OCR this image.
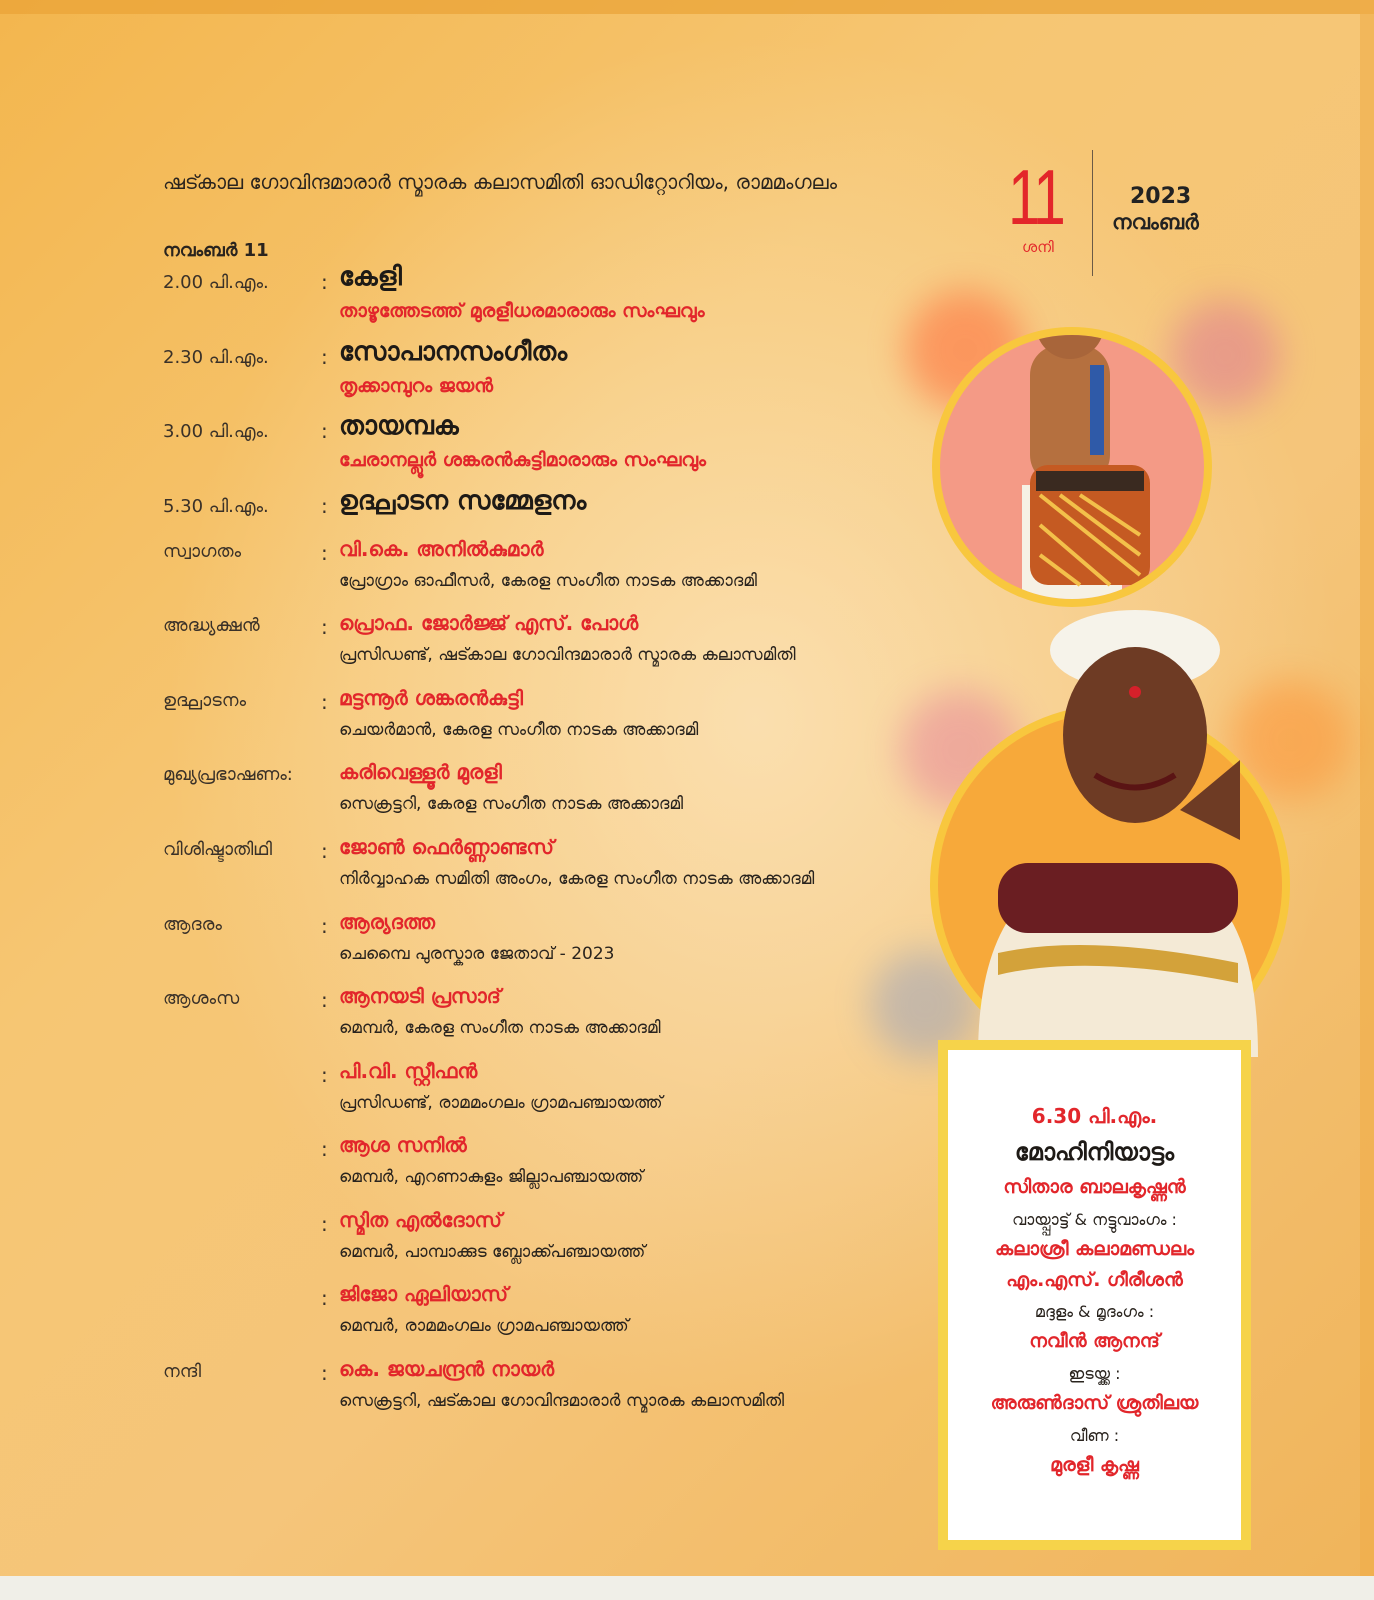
ഷട്കാല ഗോവിന്ദമാരാർ സ്മാരക കലാസമിതി ഓഡിറ്റോറിയം, രാമമംഗലം 11
ശനി
2023
നവംബർ
നവംബർ 11
2.00 പി.എം.	: കേളി
താഴൂത്തേടത്ത് മുരളീധരമാരാരും സംഘവും
2.30 പി.എം.	: സോപാനസംഗീതം
തൃക്കാമ്പുറം ജയൻ
3.00 പി.എം.	: തായമ്പക
ചേരാനല്ലൂർ ശങ്കരൻകുട്ടിമാരാരും സംഘവും
5.30 പി.എം.	: ഉദ്ഘാടന സമ്മേളനം
സ്വാഗതം	: വി.കെ. അനിൽകുമാർ
പ്രോഗ്രാം ഓഫീസർ, കേരള സംഗീത നാടക അക്കാദമി
അദ്ധ്യക്ഷൻ	: പ്രൊഫ. ജോർജ്ജ് എസ്. പോൾ
പ്രസിഡണ്ട്, ഷട്കാല ഗോവിന്ദമാരാർ സ്മാരക കലാസമിതി
ഉദ്ഘാടനം	: മട്ടന്നൂർ ശങ്കരൻകുട്ടി
ചെയർമാൻ, കേരള സംഗീത നാടക അക്കാദമി
മുഖ്യപ്രഭാഷണം:	കരിവെള്ളൂർ മുരളി
സെക്രട്ടറി, കേരള സംഗീത നാടക അക്കാദമി
വിശിഷ്ടാതിഥി	: ജോൺ ഫെർണ്ണാണ്ടസ്
നിർവ്വാഹക സമിതി അംഗം, കേരള സംഗീത നാടക അക്കാദമി
ആദരം	: ആര്യദത്ത
ചെമ്പൈ പുരസ്കാര ജേതാവ് - 2023
ആശംസ	: ആനയടി പ്രസാദ്
മെമ്പർ, കേരള സംഗീത നാടക അക്കാദമി
: പി.വി. സ്റ്റീഫൻ
പ്രസിഡണ്ട്, രാമമംഗലം ഗ്രാമപഞ്ചായത്ത്
: ആശ സനിൽ
മെമ്പർ, എറണാകുളം ജില്ലാപഞ്ചായത്ത്
: സ്മിത എൽദോസ്
മെമ്പർ, പാമ്പാക്കുട ബ്ലോക്ക്പഞ്ചായത്ത്
: ജിജോ ഏലിയാസ്
മെമ്പർ, രാമമംഗലം ഗ്രാമപഞ്ചായത്ത്
നന്ദി	: കെ. ജയചന്ദ്രൻ നായർ
സെക്രട്ടറി, ഷട്കാല ഗോവിന്ദമാരാർ സ്മാരക കലാസമിതി
6.30 പി.എം.
മോഹിനിയാട്ടം
സിതാര ബാലകൃഷ്ണൻ
വായ്പ്പാട്ട് & നട്ടുവാംഗം :
കലാശ്രീ കലാമണ്ഡലം
എം.എസ്. ഗീരീശൻ
മദ്ദളം & മൃദംഗം :
നവീൻ ആനന്ദ്
ഇടയ്ക്ക :
അരുൺദാസ് ശ്രുതിലയ
വീണ :
മുരളീ കൃഷ്ണ
